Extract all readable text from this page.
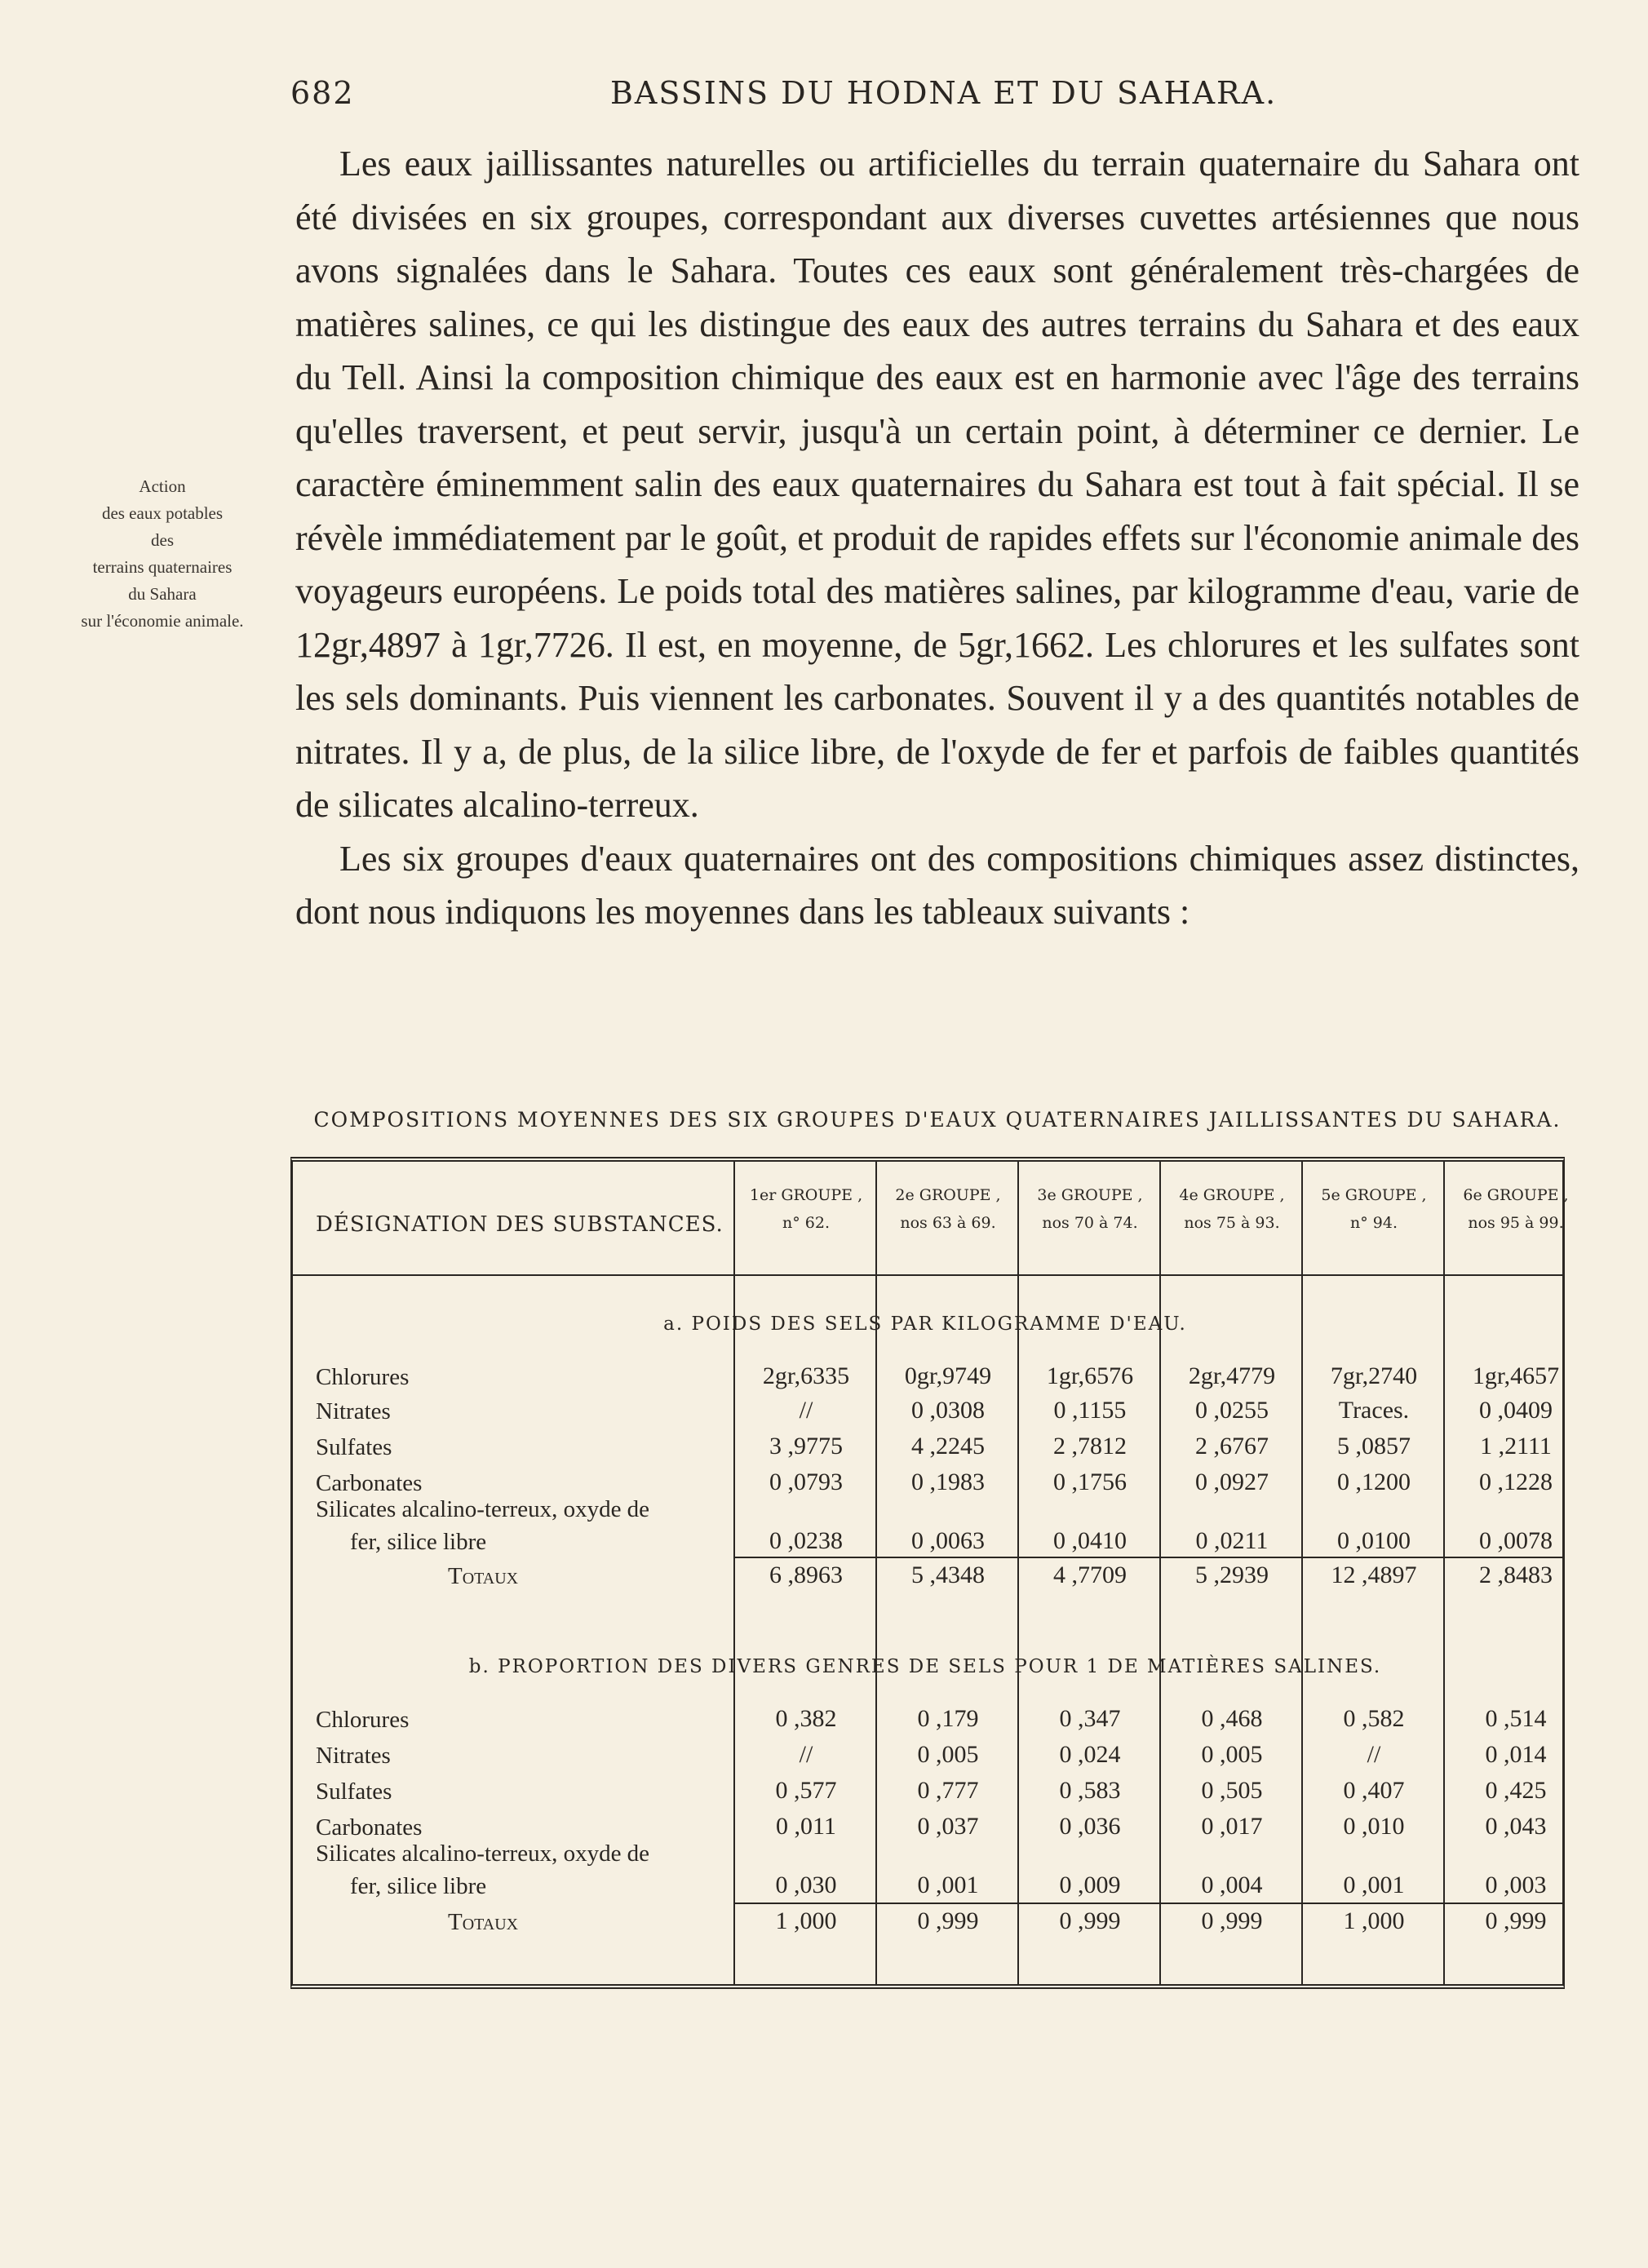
682	BASSINS DU HODNA ET DU SAHARA.
Action
des eaux potables
des
terrains quaternaires
du Sahara
sur l'économie animale.

Les eaux jaillissantes naturelles ou artificielles du terrain quaternaire du Sahara ont été divisées en six groupes, correspondant aux diverses cuvettes artésiennes que nous avons signalées dans le Sahara. Toutes ces eaux sont généralement très-chargées de matières salines, ce qui les distingue des eaux des autres terrains du Sahara et des eaux du Tell. Ainsi la composition chimique des eaux est en harmonie avec l'âge des terrains qu'elles traversent, et peut servir, jusqu'à un certain point, à déterminer ce dernier. Le caractère éminemment salin des eaux quaternaires du Sahara est tout à fait spécial. Il se révèle immédiatement par le goût, et produit de rapides effets sur l'économie animale des voyageurs européens. Le poids total des matières salines, par kilogramme d'eau, varie de 12gr,4897 à 1gr,7726. Il est, en moyenne, de 5gr,1662. Les chlorures et les sulfates sont les sels dominants. Puis viennent les carbonates. Souvent il y a des quantités notables de nitrates. Il y a, de plus, de la silice libre, de l'oxyde de fer et parfois de faibles quantités de silicates alcalino-terreux.

Les six groupes d'eaux quaternaires ont des compositions chimiques assez distinctes, dont nous indiquons les moyennes dans les tableaux suivants :

COMPOSITIONS MOYENNES DES SIX GROUPES D'EAUX QUATERNAIRES JAILLISSANTES DU SAHARA.
DÉSIGNATION DES SUBSTANCES.
a. POIDS DES SELS PAR KILOGRAMME D'EAU.
b. PROPORTION DES DIVERS GENRES DE SELS POUR 1 DE MATIÈRES SALINES.
1er GROUPE ,
n° 62.
2e GROUPE ,
nos 63 à 69.
3e GROUPE ,
nos 70 à 74.
4e GROUPE ,
nos 75 à 93.
5e GROUPE ,
n° 94.
6e GROUPE ,
nos 95 à 99.
Chlorures	2gr,6335	0gr,9749	1gr,6576	2gr,4779	7gr,2740	1gr,4657
Nitrates	//	0 ,0308	0 ,1155	0 ,0255	Traces.	0 ,0409
Sulfates	3 ,9775	4 ,2245	2 ,7812	2 ,6767	5 ,0857	1 ,2111
Carbonates	0 ,0793	0 ,1983	0 ,1756	0 ,0927	0 ,1200	0 ,1228
Silicates alcalino-terreux, oxyde de
fer, silice libre	0 ,0238	0 ,0063	0 ,0410	0 ,0211	0 ,0100	0 ,0078
Totaux	6 ,8963	5 ,4348	4 ,7709	5 ,2939	12 ,4897	2 ,8483
Chlorures	0 ,382	0 ,179	0 ,347	0 ,468	0 ,582	0 ,514
Nitrates	//	0 ,005	0 ,024	0 ,005	//	0 ,014
Sulfates	0 ,577	0 ,777	0 ,583	0 ,505	0 ,407	0 ,425
Carbonates	0 ,011	0 ,037	0 ,036	0 ,017	0 ,010	0 ,043
Silicates alcalino-terreux, oxyde de
fer, silice libre	0 ,030	0 ,001	0 ,009	0 ,004	0 ,001	0 ,003
Totaux	1 ,000	0 ,999	0 ,999	0 ,999	1 ,000	0 ,999
